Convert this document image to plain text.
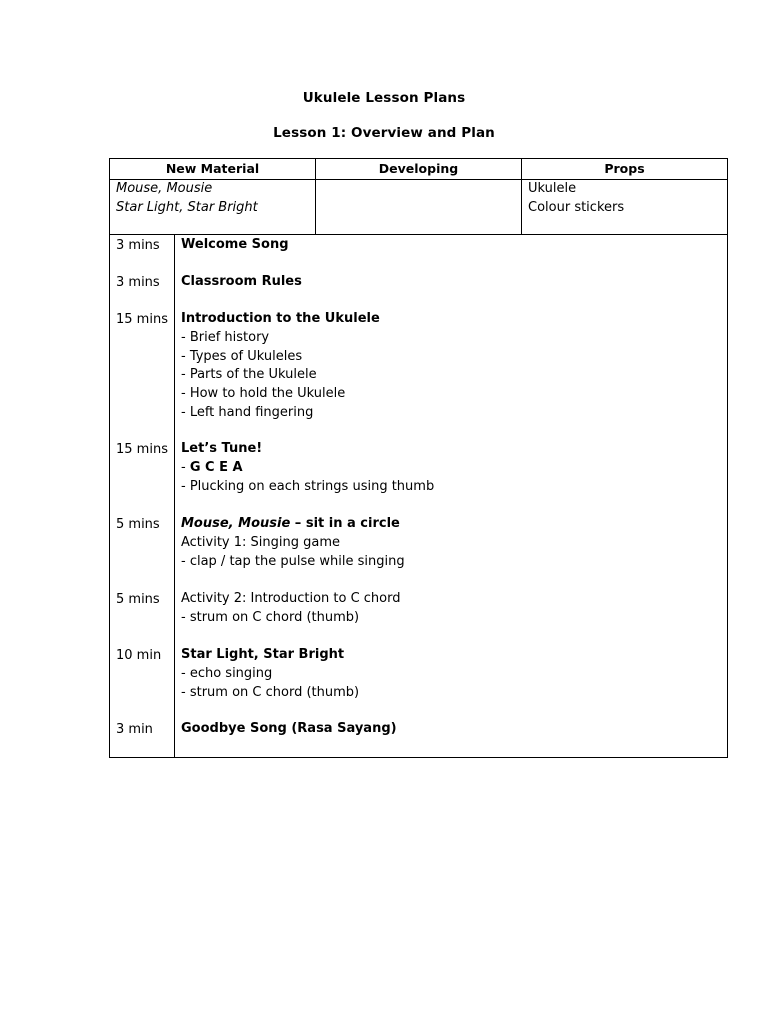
Ukulele Lesson Plans
Lesson 1: Overview and Plan
New Material
Mouse, Mousie
Star Light, Star Bright
Developing	Props
Ukulele
Colour stickers
3 mins Welcome Song
3 mins Classroom Rules
15 mins Introduction to the Ukulele
- Brief history
- Types of Ukuleles
- Parts of the Ukulele
- How to hold the Ukulele
- Left hand fingering
15 mins Let’s Tune!
- G C E A
- Plucking on each strings using thumb
5 mins Mouse, Mousie – sit in a circle
Activity 1: Singing game
- clap / tap the pulse while singing
5 mins Activity 2: Introduction to C chord
- strum on C chord (thumb)
10 min Star Light, Star Bright
- echo singing
- strum on C chord (thumb)
3 min Goodbye Song (Rasa Sayang)
